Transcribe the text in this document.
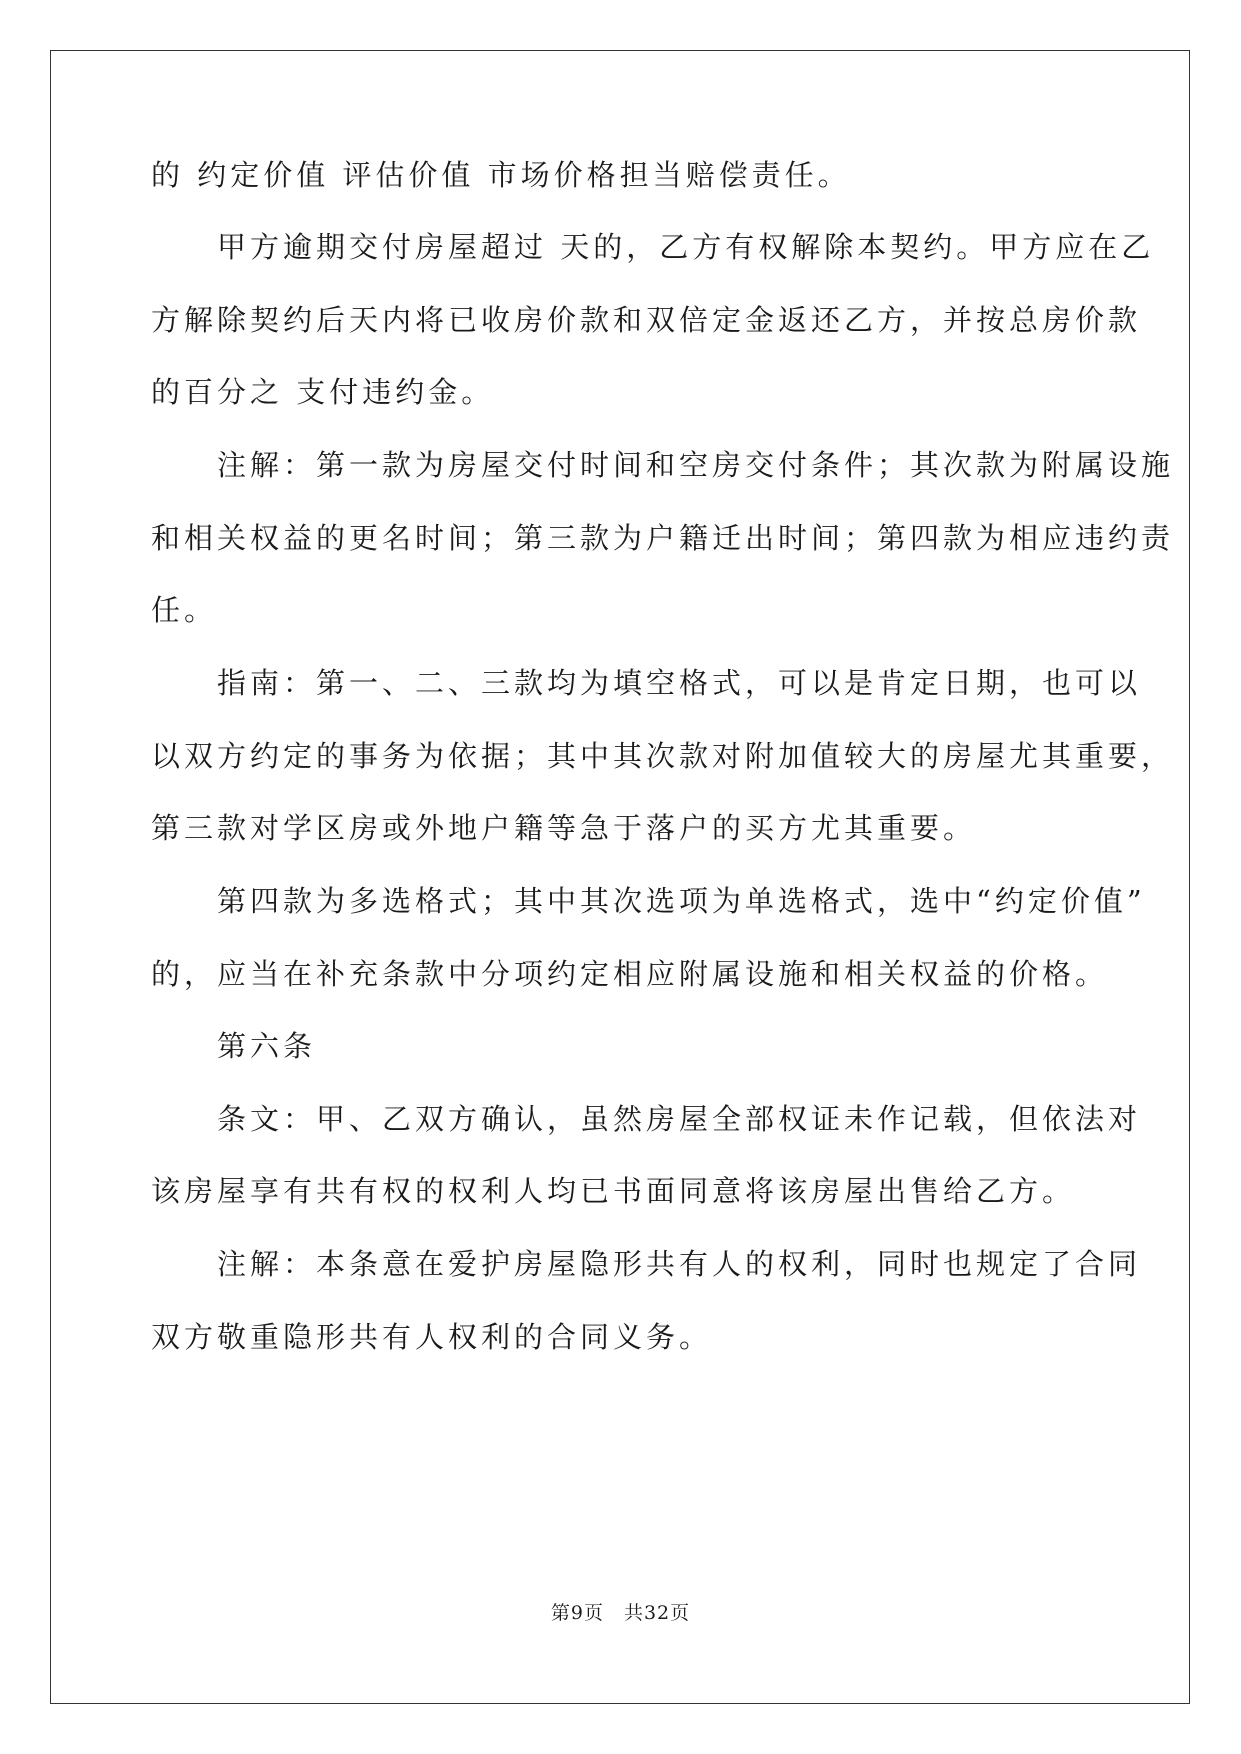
的 约定价值 评估价值 市场价格担当赔偿责任。
　　甲方逾期交付房屋超过 天的，乙方有权解除本契约。甲方应在乙
方解除契约后天内将已收房价款和双倍定金返还乙方，并按总房价款
的百分之 支付违约金。
　　注解：第一款为房屋交付时间和空房交付条件；其次款为附属设施
和相关权益的更名时间；第三款为户籍迁出时间；第四款为相应违约责
任。
　　指南：第一、二、三款均为填空格式，可以是肯定日期，也可以
以双方约定的事务为依据；其中其次款对附加值较大的房屋尤其重要，
第三款对学区房或外地户籍等急于落户的买方尤其重要。
　　第四款为多选格式；其中其次选项为单选格式，选中“约定价值”
的，应当在补充条款中分项约定相应附属设施和相关权益的价格。
　　第六条
　　条文：甲、乙双方确认，虽然房屋全部权证未作记载，但依法对
该房屋享有共有权的权利人均已书面同意将该房屋出售给乙方。
　　注解：本条意在爱护房屋隐形共有人的权利，同时也规定了合同
双方敬重隐形共有人权利的合同义务。
第9页　共32页
